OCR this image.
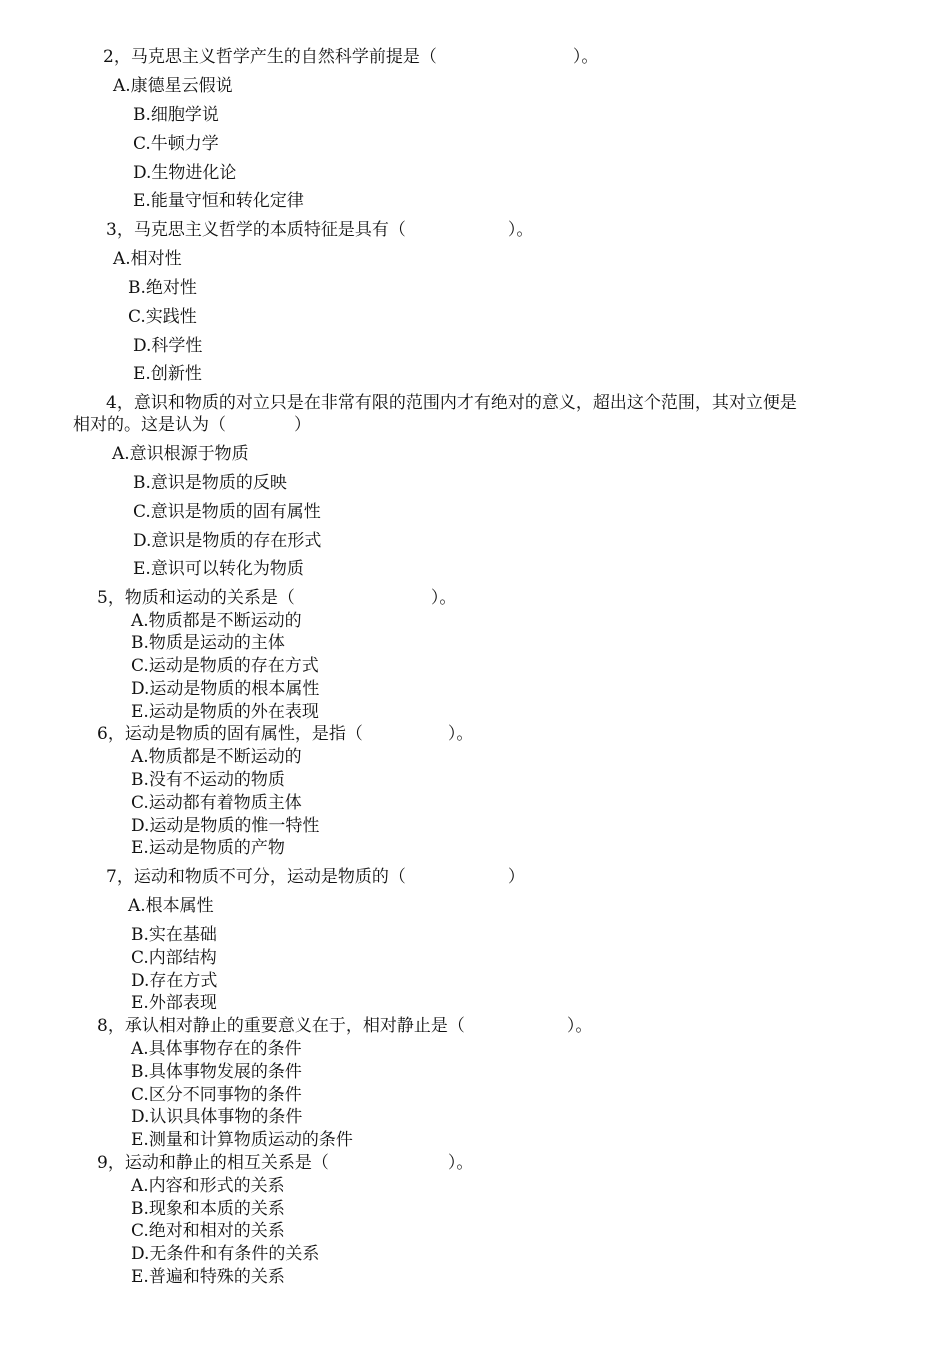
2，马克思主义哲学产生的自然科学前提是（　　　　　　　　）。
A.康德星云假说
B.细胞学说
C.牛顿力学
D.生物进化论
E.能量守恒和转化定律
3，马克思主义哲学的本质特征是具有（　　　　　　）。
A.相对性
B.绝对性
C.实践性
D.科学性
E.创新性
4，意识和物质的对立只是在非常有限的范围内才有绝对的意义，超出这个范围，其对立便是
相对的。这是认为（　　　　）
A.意识根源于物质
B.意识是物质的反映
C.意识是物质的固有属性
D.意识是物质的存在形式
E.意识可以转化为物质
5，物质和运动的关系是（　　　　　　　　）。
A.物质都是不断运动的
B.物质是运动的主体
C.运动是物质的存在方式
D.运动是物质的根本属性
E.运动是物质的外在表现
6，运动是物质的固有属性，是指（　　　　　）。
A.物质都是不断运动的
B.没有不运动的物质
C.运动都有着物质主体
D.运动是物质的惟一特性
E.运动是物质的产物
7，运动和物质不可分，运动是物质的（　　　　　　）
A.根本属性
B.实在基础
C.内部结构
D.存在方式
E.外部表现
8，承认相对静止的重要意义在于，相对静止是（　　　　　　）。
A.具体事物存在的条件
B.具体事物发展的条件
C.区分不同事物的条件
D.认识具体事物的条件
E.测量和计算物质运动的条件
9，运动和静止的相互关系是（　　　　　　　）。
A.内容和形式的关系
B.现象和本质的关系
C.绝对和相对的关系
D.无条件和有条件的关系
E.普遍和特殊的关系
